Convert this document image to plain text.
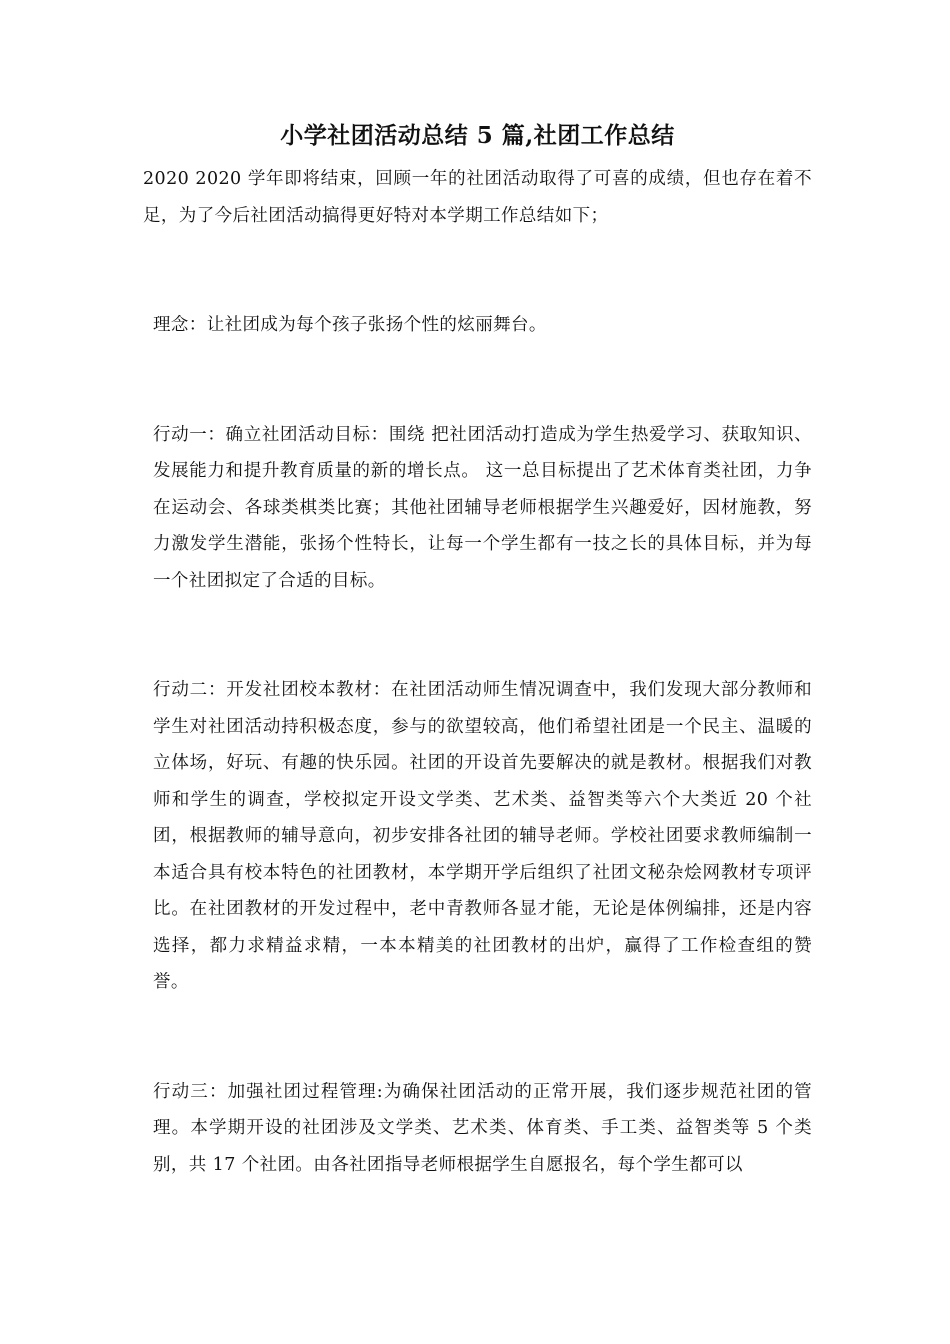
小学社团活动总结 5 篇,社团工作总结

2020 2020 学年即将结束，回顾一年的社团活动取得了可喜的成绩，但也存在着不足，为了今后社团活动搞得更好特对本学期工作总结如下；

理念：让社团成为每个孩子张扬个性的炫丽舞台。

行动一：确立社团活动目标：围绕 把社团活动打造成为学生热爱学习、获取知识、发展能力和提升教育质量的新的增长点。 这一总目标提出了艺术体育类社团，力争在运动会、各球类棋类比赛；其他社团辅导老师根据学生兴趣爱好，因材施教，努力激发学生潜能，张扬个性特长，让每一个学生都有一技之长的具体目标，并为每一个社团拟定了合适的目标。

行动二：开发社团校本教材：在社团活动师生情况调查中，我们发现大部分教师和学生对社团活动持积极态度，参与的欲望较高，他们希望社团是一个民主、温暖的立体场，好玩、有趣的快乐园。社团的开设首先要解决的就是教材。根据我们对教师和学生的调查，学校拟定开设文学类、艺术类、益智类等六个大类近 20 个社团，根据教师的辅导意向，初步安排各社团的辅导老师。学校社团要求教师编制一本适合具有校本特色的社团教材，本学期开学后组织了社团文秘杂烩网教材专项评比。在社团教材的开发过程中，老中青教师各显才能，无论是体例编排，还是内容选择，都力求精益求精，一本本精美的社团教材的出炉，赢得了工作检查组的赞誉。

行动三：加强社团过程管理:为确保社团活动的正常开展，我们逐步规范社团的管理。本学期开设的社团涉及文学类、艺术类、体育类、手工类、益智类等 5 个类别，共 17 个社团。由各社团指导老师根据学生自愿报名，每个学生都可以
